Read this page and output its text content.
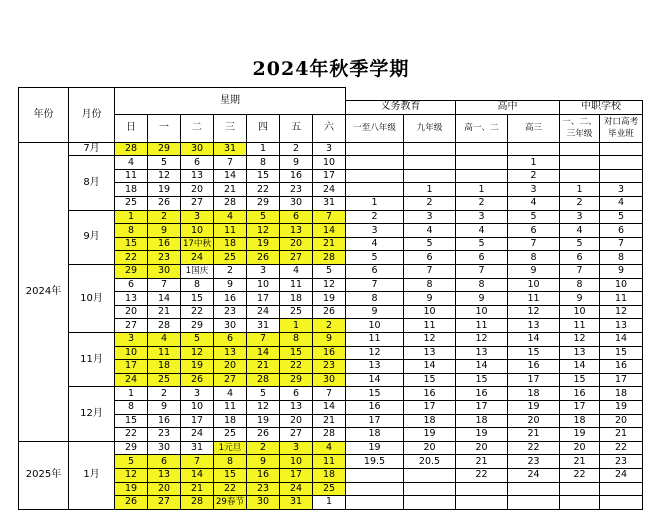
2024年秋季学期
年份	月份	星期												
									义务教育		高中		中职学校	
		日	一	二	三	四	五	六	一至八年级	九年级	高一、二	高三	一、二、三年级	对口高考毕业班

2024年	7月	28	29	30	31	1	2	3						
	8月	4	5	6	7	8	9	10				1		
		11	12	13	14	15	16	17				2		
		18	19	20	21	22	23	24		1	1	3	1	3
		25	26	27	28	29	30	31	1	2	2	4	2	4
	9月	1	2	3	4	5	6	7	2	3	3	5	3	5
		8	9	10	11	12	13	14	3	4	4	6	4	6
		15	16	17中秋	18	19	20	21	4	5	5	7	5	7
		22	23	24	25	26	27	28	5	6	6	8	6	8
	10月	29	30	1国庆	2	3	4	5	6	7	7	9	7	9
		6	7	8	9	10	11	12	7	8	8	10	8	10
		13	14	15	16	17	18	19	8	9	9	11	9	11
		20	21	22	23	24	25	26	9	10	10	12	10	12
		27	28	29	30	31	1	2	10	11	11	13	11	13
	11月	3	4	5	6	7	8	9	11	12	12	14	12	14
		10	11	12	13	14	15	16	12	13	13	15	13	15
		17	18	19	20	21	22	23	13	14	14	16	14	16
		24	25	26	27	28	29	30	14	15	15	17	15	17
	12月	1	2	3	4	5	6	7	15	16	16	18	16	18
		8	9	10	11	12	13	14	16	17	17	19	17	19
		15	16	17	18	19	20	21	17	18	18	20	18	20
		22	23	24	25	26	27	28	18	19	19	21	19	21
2025年	1月	29	30	31	1元旦	2	3	4	19	20	20	22	20	22
		5	6	7	8	9	10	11	19.5	20.5	21	23	21	23
		12	13	14	15	16	17	18			22	24	22	24
		19	20	21	22	23	24	25						
		26	27	28	29春节	30	31	1						
